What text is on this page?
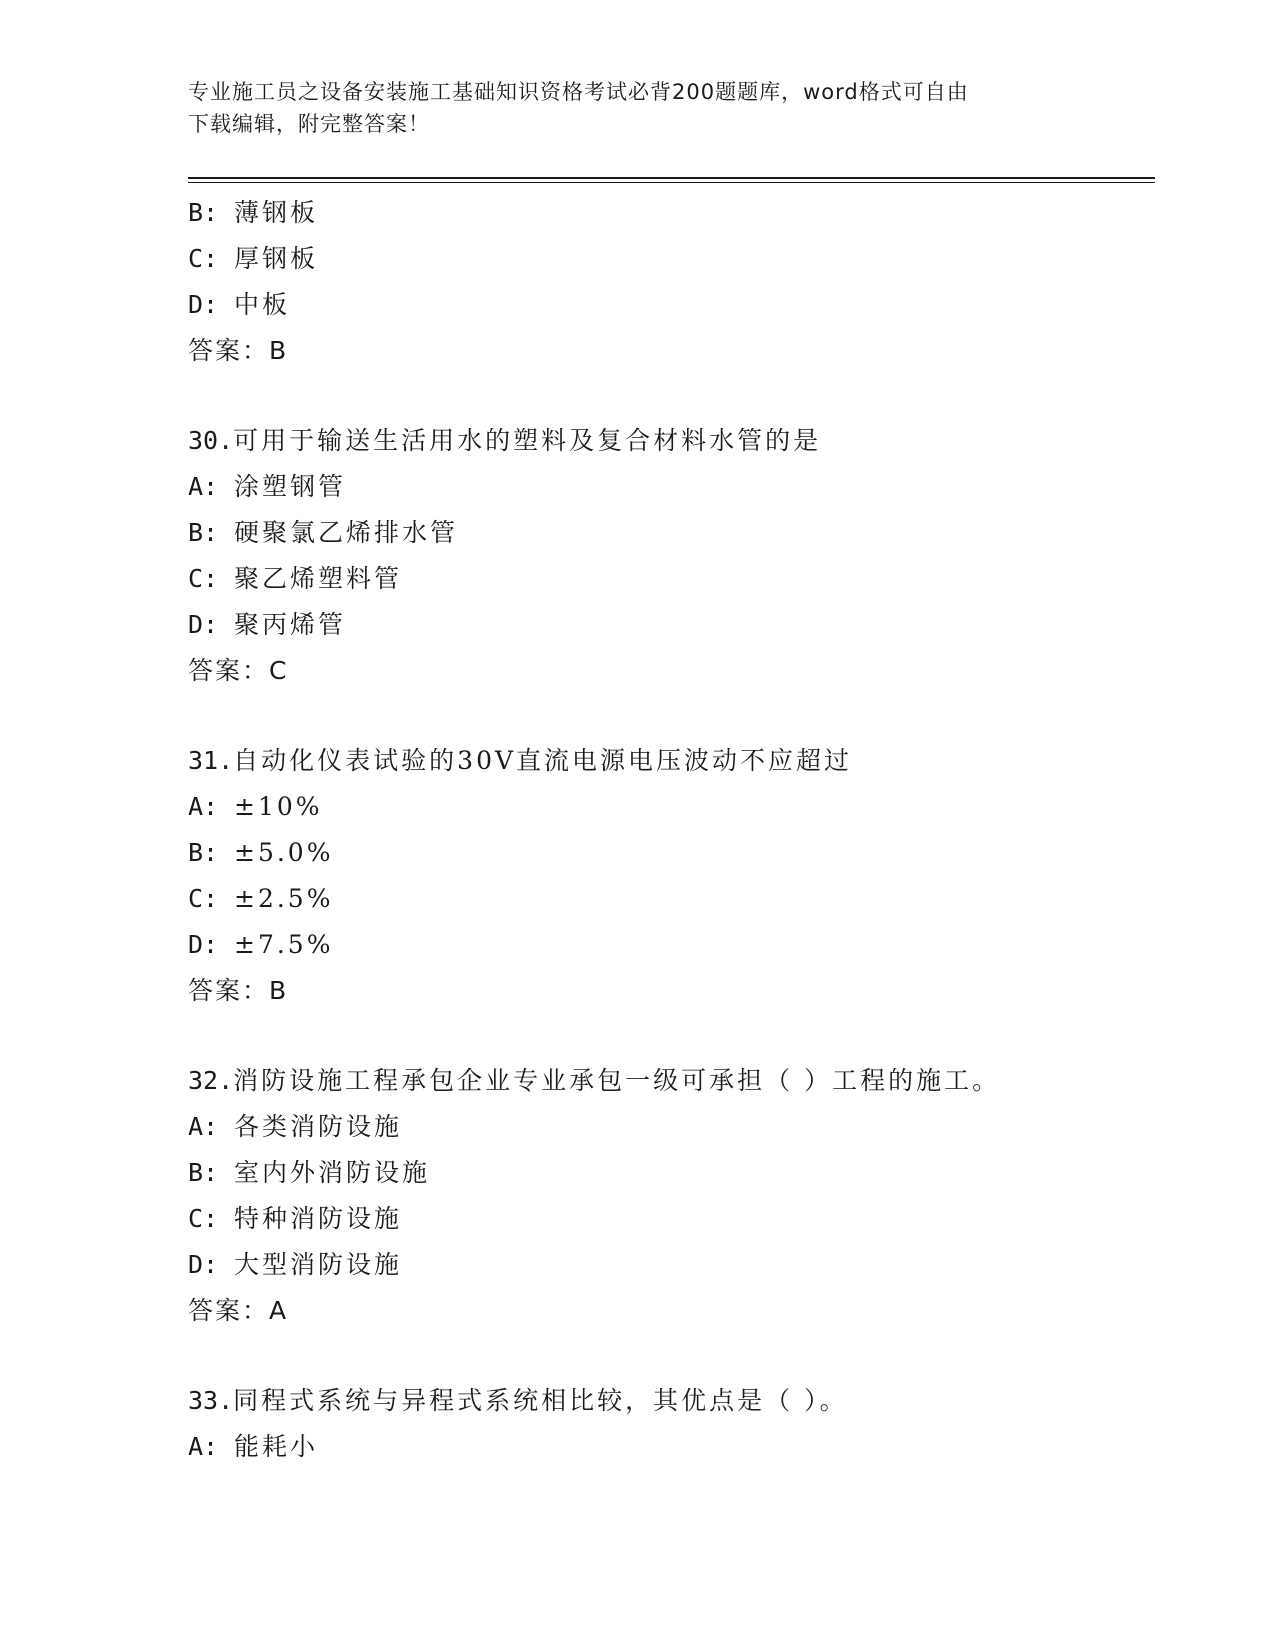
专业施工员之设备安装施工基础知识资格考试必背200题题库，word格式可自由
下载编辑，附完整答案！
B: 薄钢板
C: 厚钢板
D: 中板
答案：B
30.可用于输送生活用水的塑料及复合材料水管的是
A: 涂塑钢管
B: 硬聚氯乙烯排水管
C: 聚乙烯塑料管
D: 聚丙烯管
答案：C
31.自动化仪表试验的30V直流电源电压波动不应超过
A: ±10%
B: ±5.0%
C: ±2.5%
D: ±7.5%
答案：B
32.消防设施工程承包企业专业承包一级可承担（ ）工程的施工。
A: 各类消防设施
B: 室内外消防设施
C: 特种消防设施
D: 大型消防设施
答案：A
33.同程式系统与异程式系统相比较，其优点是（ ）。
A: 能耗小
